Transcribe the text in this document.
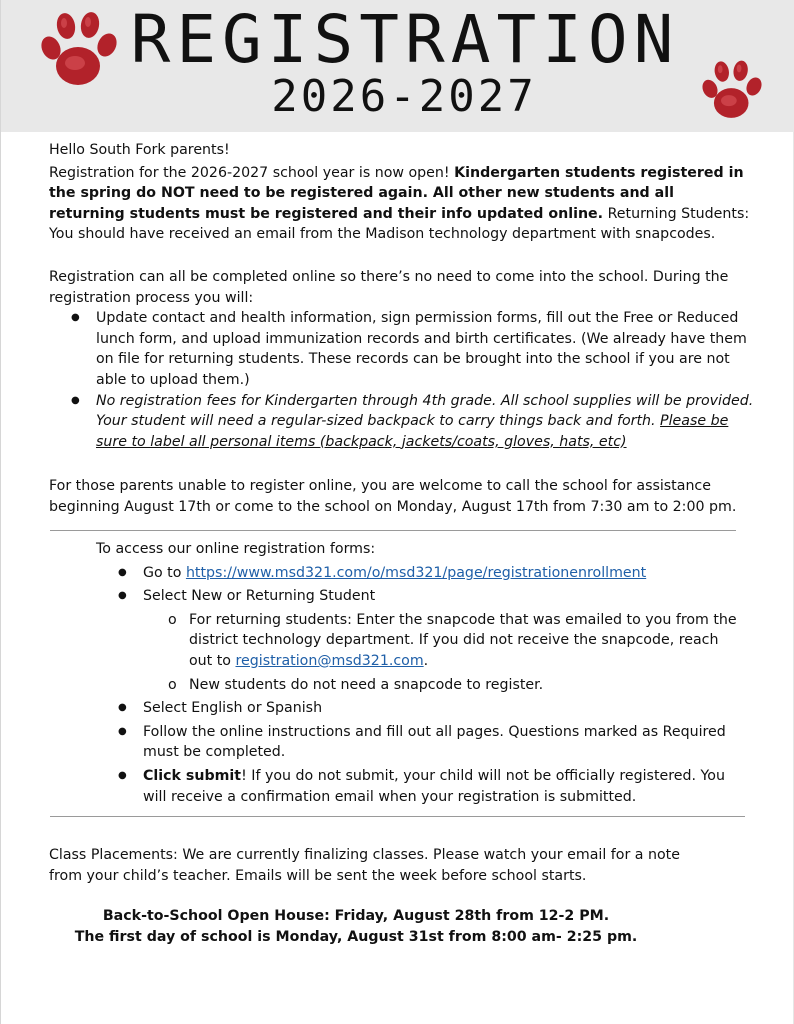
REGISTRATION
2026-2027

Hello South Fork parents!

Registration for the 2026-2027 school year is now open! Kindergarten students registered in the spring do NOT need to be registered again. All other new students and all returning students must be registered and their info updated online. Returning Students: You should have received an email from the Madison technology department with snapcodes.

Registration can all be completed online so there’s no need to come into the school. During the registration process you will:

● Update contact and health information, sign permission forms, fill out the Free or Reduced lunch form, and upload immunization records and birth certificates. (We already have them on file for returning students. These records can be brought into the school if you are not able to upload them.)
● No registration fees for Kindergarten through 4th grade. All school supplies will be provided. Your student will need a regular-sized backpack to carry things back and forth. Please be sure to label all personal items (backpack, jackets/coats, gloves, hats, etc)

For those parents unable to register online, you are welcome to call the school for assistance beginning August 17th or come to the school on Monday, August 17th from 7:30 am to 2:00 pm.

To access our online registration forms:

● Go to https://www.msd321.com/o/msd321/page/registrationenrollment
● Select New or Returning Student
o For returning students: Enter the snapcode that was emailed to you from the district technology department. If you did not receive the snapcode, reach out to registration@msd321.com.
o New students do not need a snapcode to register.
● Select English or Spanish
● Follow the online instructions and fill out all pages. Questions marked as Required must be completed.
● Click submit! If you do not submit, your child will not be officially registered. You will receive a confirmation email when your registration is submitted.

Class Placements: We are currently finalizing classes. Please watch your email for a note

from your child’s teacher. Emails will be sent the week before school starts.

Back-to-School Open House: Friday, August 28th from 12-2 PM.

The first day of school is Monday, August 31st from 8:00 am- 2:25 pm.
